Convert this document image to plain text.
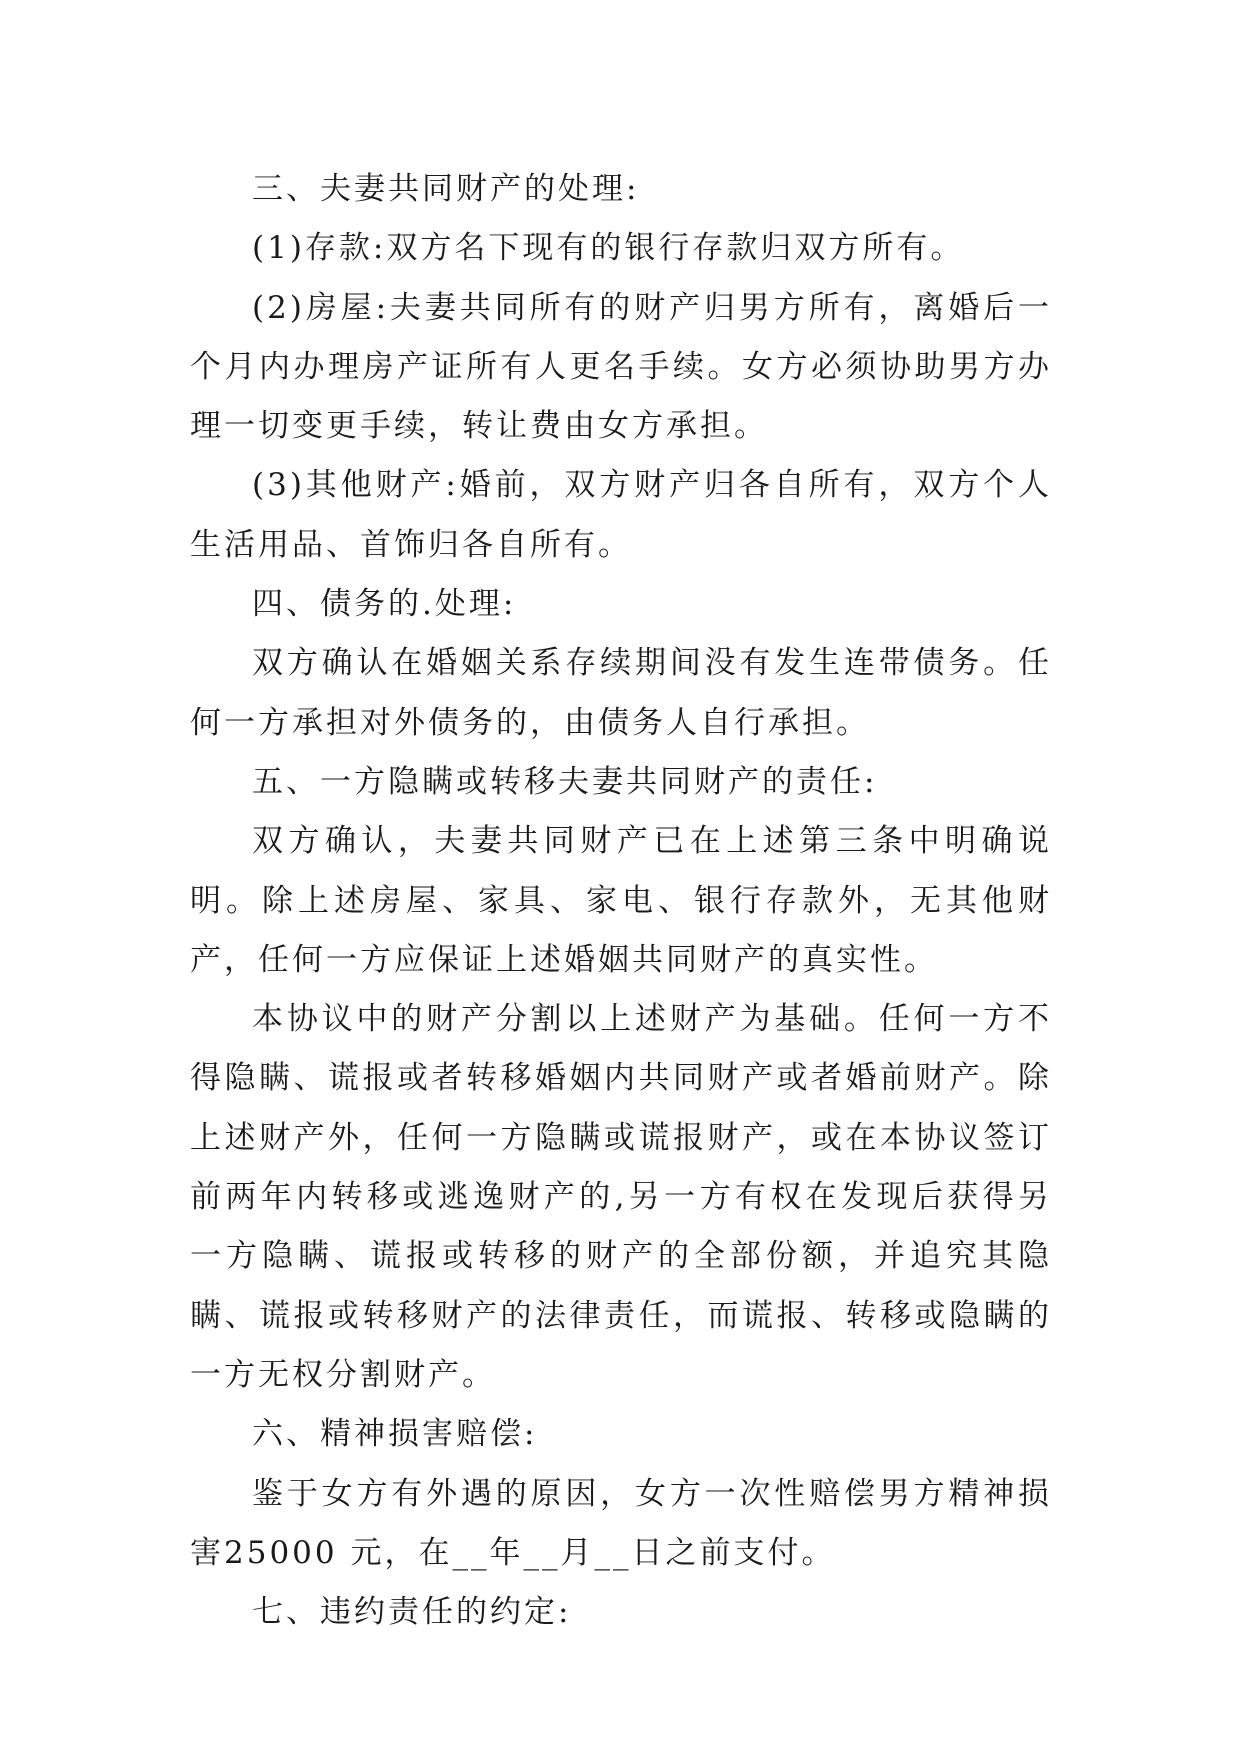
三、夫妻共同财产的处理:

(1)存款:双方名下现有的银行存款归双方所有。

(2)房屋:夫妻共同所有的财产归男方所有，离婚后一个月内办理房产证所有人更名手续。女方必须协助男方办理一切变更手续，转让费由女方承担。

(3)其他财产:婚前，双方财产归各自所有，双方个人生活用品、首饰归各自所有。

四、债务的.处理:

双方确认在婚姻关系存续期间没有发生连带债务。任何一方承担对外债务的，由债务人自行承担。

五、一方隐瞒或转移夫妻共同财产的责任:

双方确认，夫妻共同财产已在上述第三条中明确说明。除上述房屋、家具、家电、银行存款外，无其他财产，任何一方应保证上述婚姻共同财产的真实性。

本协议中的财产分割以上述财产为基础。任何一方不得隐瞒、谎报或者转移婚姻内共同财产或者婚前财产。除上述财产外，任何一方隐瞒或谎报财产，或在本协议签订前两年内转移或逃逸财产的,另一方有权在发现后获得另一方隐瞒、谎报或转移的财产的全部份额，并追究其隐瞒、谎报或转移财产的法律责任，而谎报、转移或隐瞒的一方无权分割财产。

六、精神损害赔偿:

鉴于女方有外遇的原因，女方一次性赔偿男方精神损害25000 元，在__年__月__日之前支付。

七、违约责任的约定:
